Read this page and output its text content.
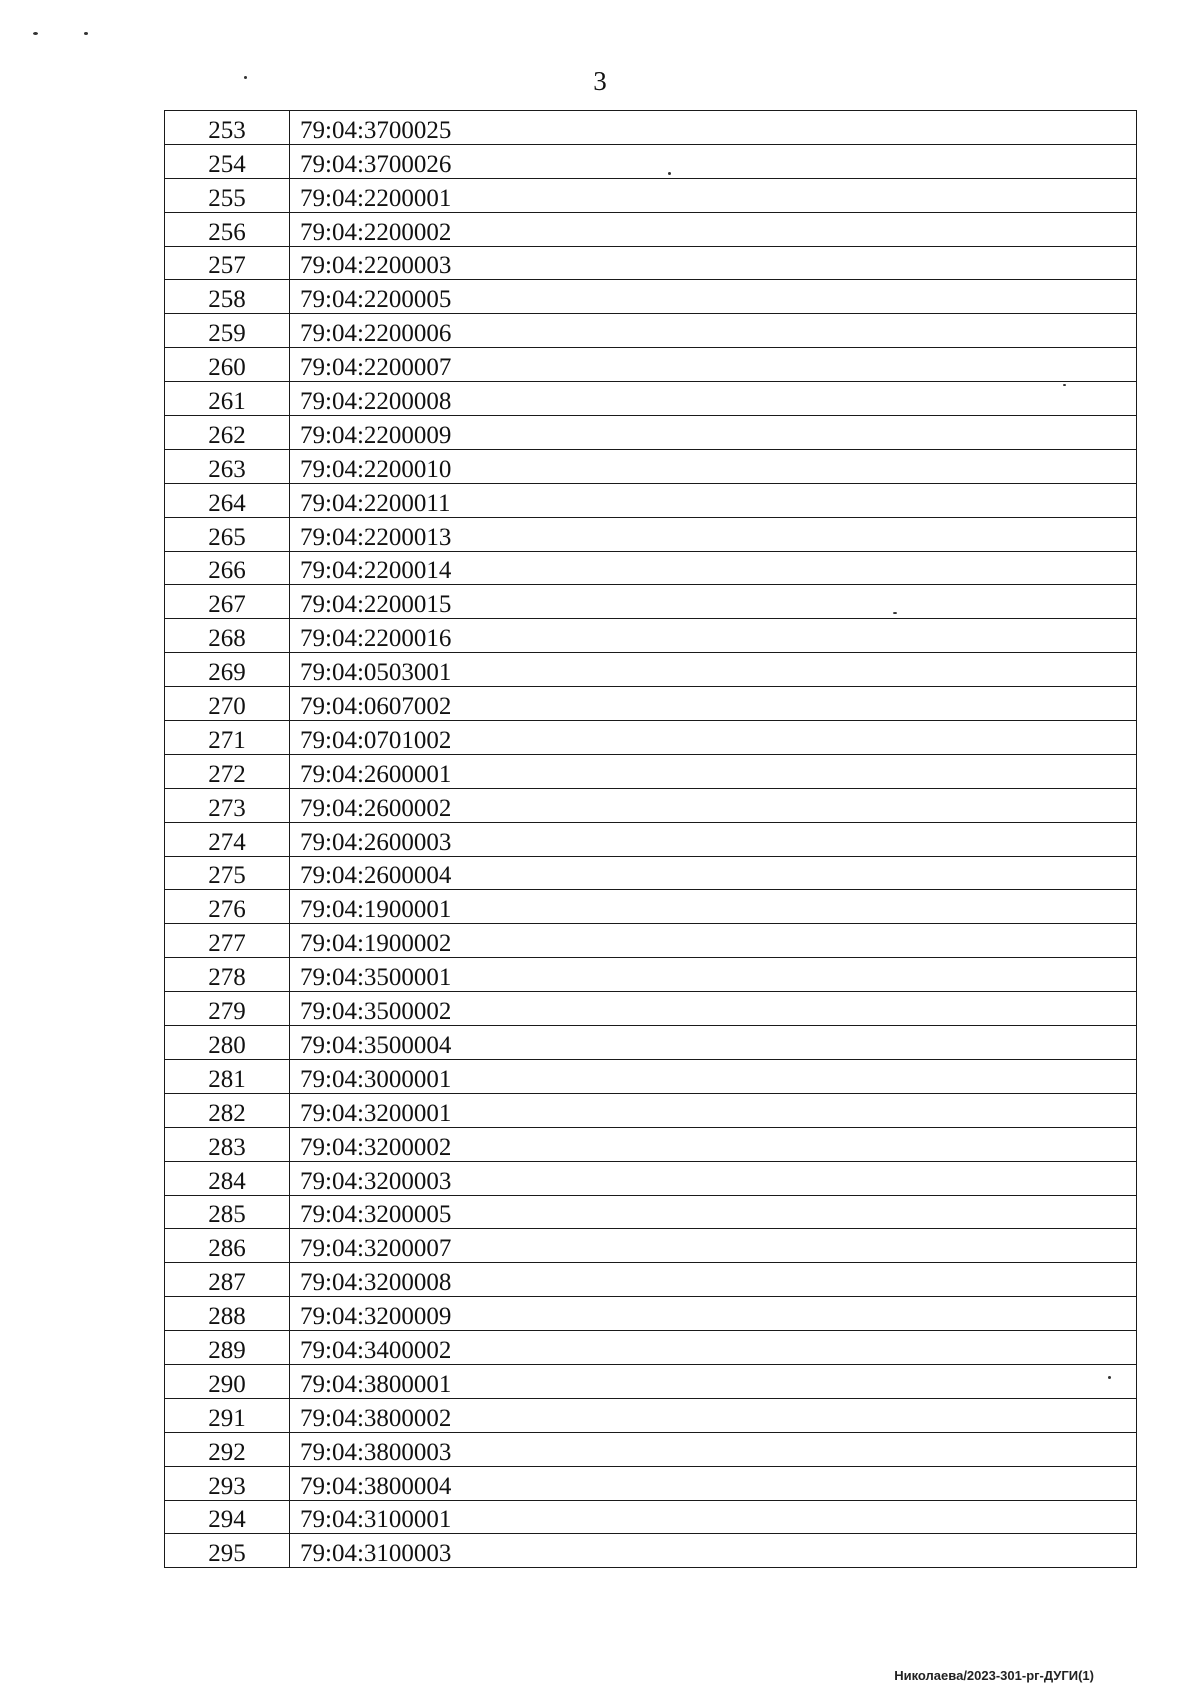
3
253	79:04:3700025
254	79:04:3700026
255	79:04:2200001
256	79:04:2200002
257	79:04:2200003
258	79:04:2200005
259	79:04:2200006
260	79:04:2200007
261	79:04:2200008
262	79:04:2200009
263	79:04:2200010
264	79:04:2200011
265	79:04:2200013
266	79:04:2200014
267	79:04:2200015
268	79:04:2200016
269	79:04:0503001
270	79:04:0607002
271	79:04:0701002
272	79:04:2600001
273	79:04:2600002
274	79:04:2600003
275	79:04:2600004
276	79:04:1900001
277	79:04:1900002
278	79:04:3500001
279	79:04:3500002
280	79:04:3500004
281	79:04:3000001
282	79:04:3200001
283	79:04:3200002
284	79:04:3200003
285	79:04:3200005
286	79:04:3200007
287	79:04:3200008
288	79:04:3200009
289	79:04:3400002
290	79:04:3800001
291	79:04:3800002
292	79:04:3800003
293	79:04:3800004
294	79:04:3100001
295	79:04:3100003
Николаева/2023-301-рг-ДУГИ(1)
